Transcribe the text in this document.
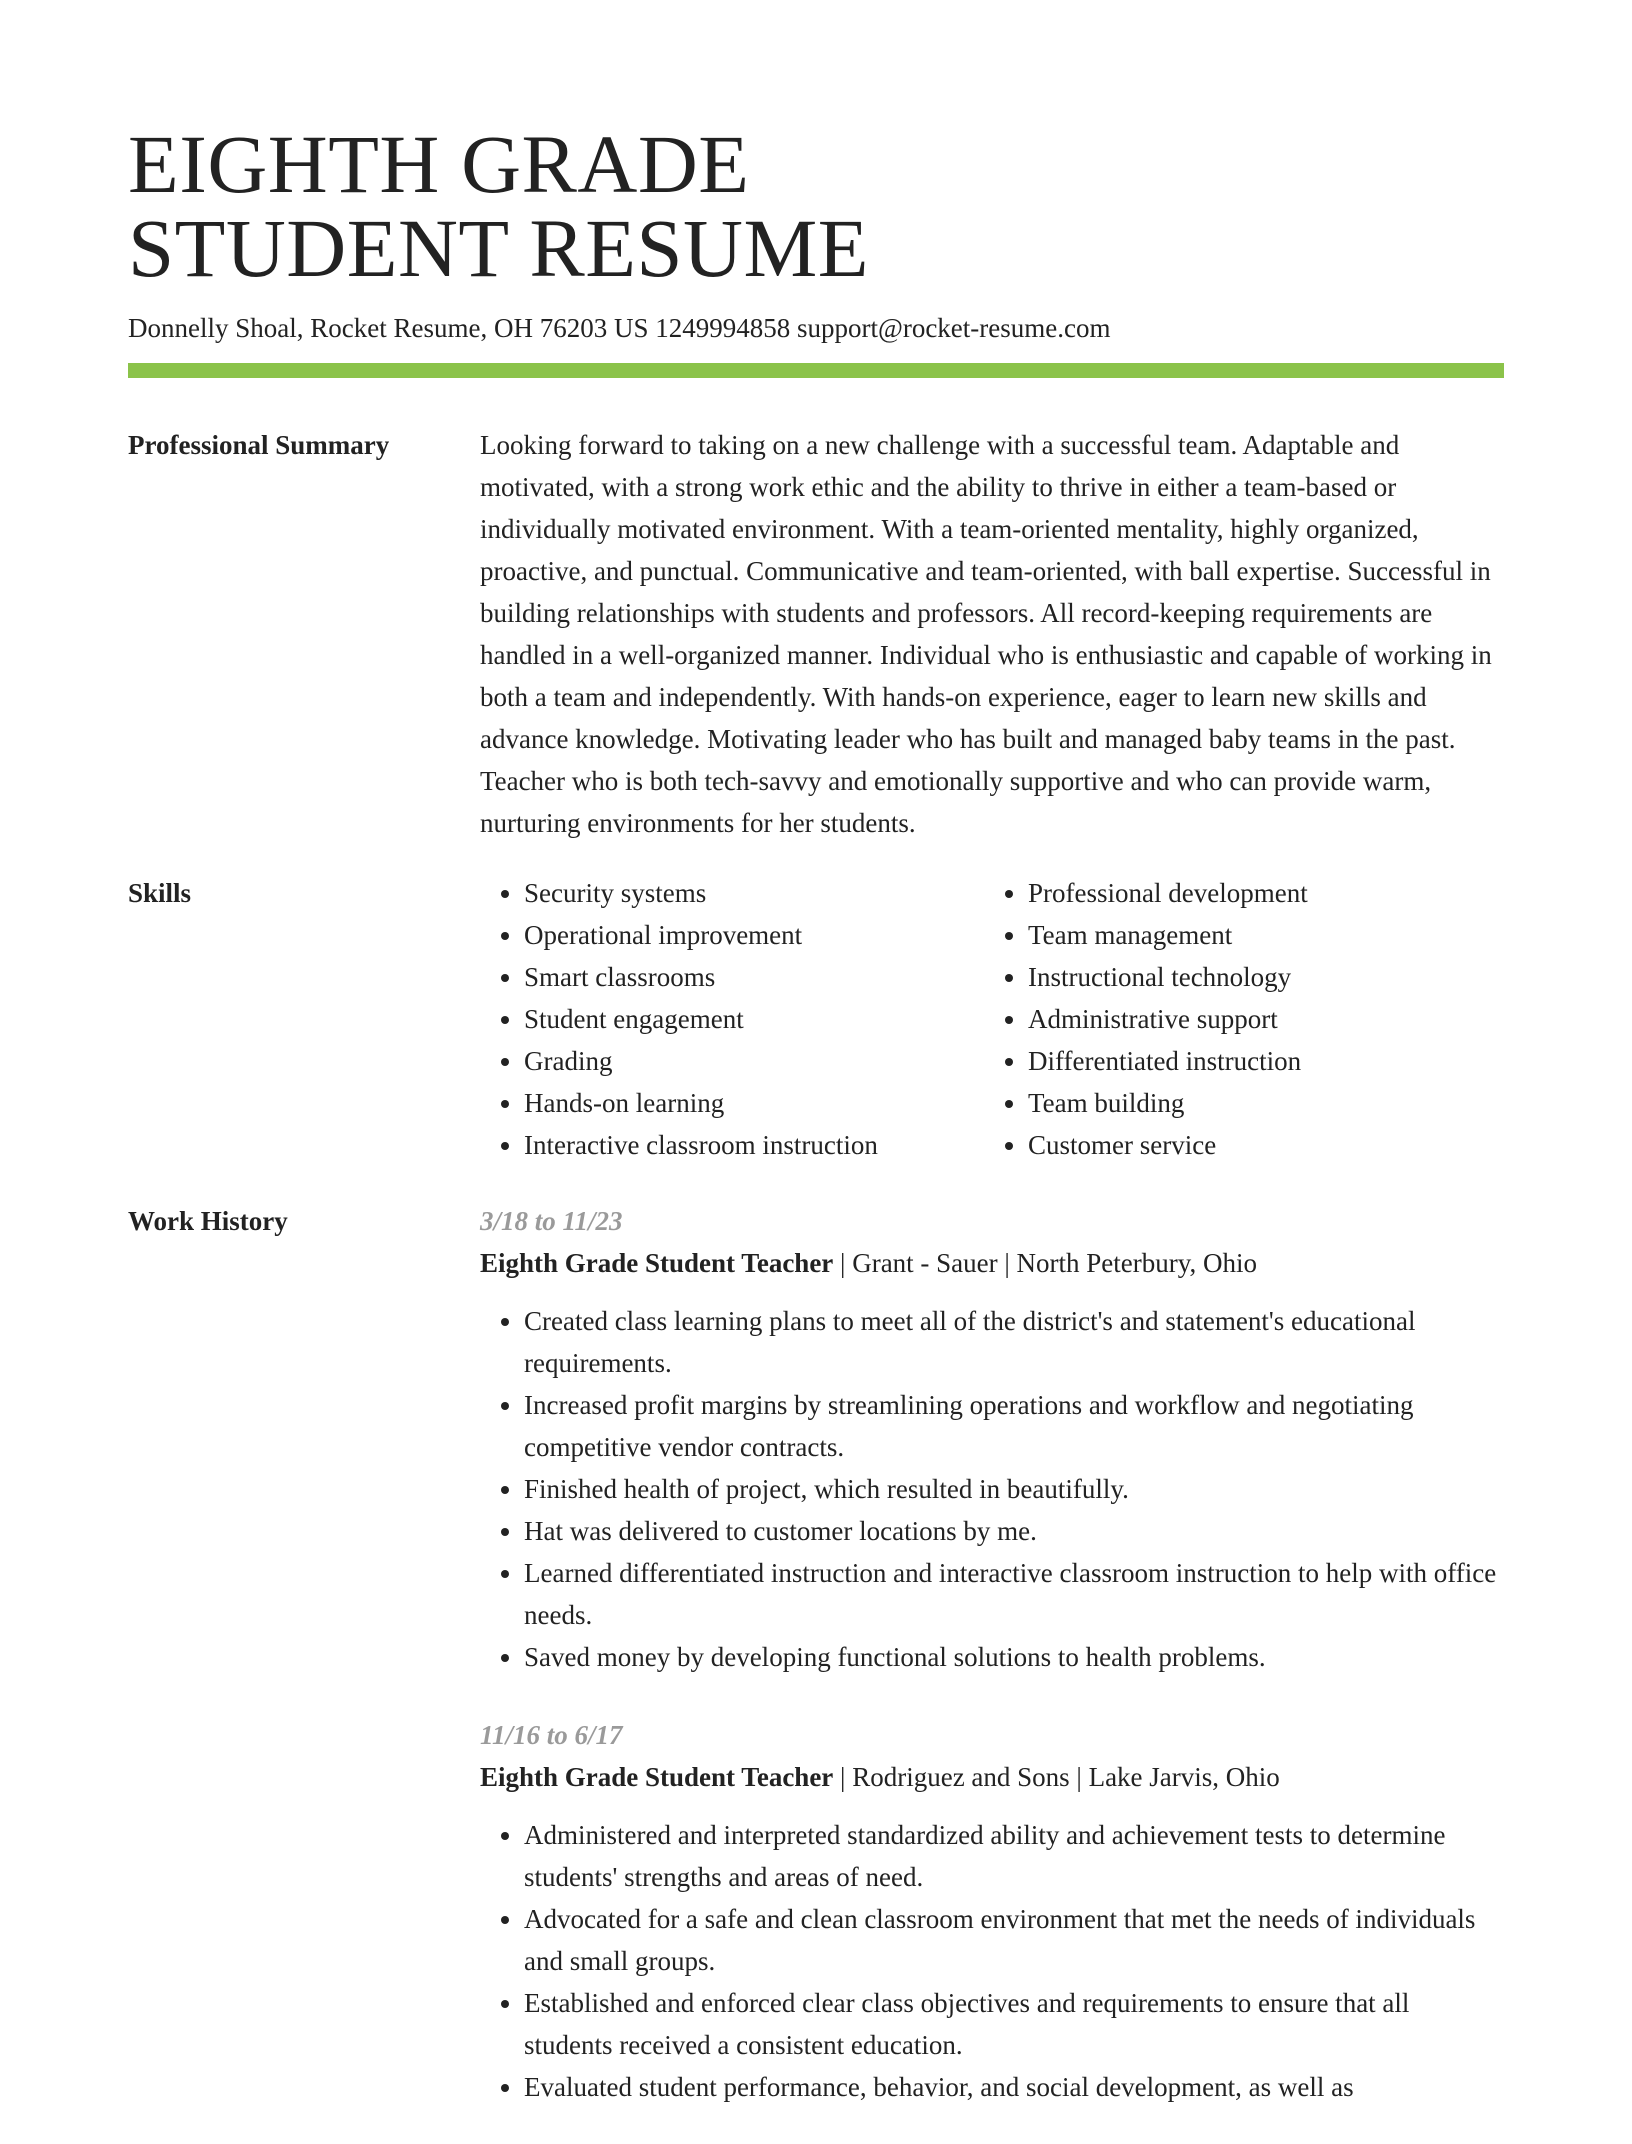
EIGHTH GRADE
STUDENT RESUME
Donnelly Shoal, Rocket Resume, OH 76203 US 1249994858 support@rocket-resume.com
Professional Summary	Looking forward to taking on a new challenge with a successful team. Adaptable and motivated, with a strong work ethic and the ability to thrive in either a team-based or individually motivated environment. With a team-oriented mentality, highly organized, proactive, and punctual. Communicative and team-oriented, with ball expertise. Successful in building relationships with students and professors. All record-keeping requirements are handled in a well-organized manner. Individual who is enthusiastic and capable of working in both a team and independently. With hands-on experience, eager to learn new skills and advance knowledge. Motivating leader who has built and managed baby teams in the past. Teacher who is both tech-savvy and emotionally supportive and who can provide warm, nurturing environments for her students.

Skills
•	Security systems
• Operational improvement
• Smart classrooms
• Student engagement
• Grading
• Hands-on learning
• Interactive classroom instruction
• Professional development
• Team management
• Instructional technology
• Administrative support
• Differentiated instruction
• Team building
• Customer service
Work History	3/18 to 11/23
Eighth Grade Student Teacher | Grant - Sauer | North Peterbury, Ohio
• Created class learning plans to meet all of the district's and statement's educational requirements.
• Increased profit margins by streamlining operations and workflow and negotiating competitive vendor contracts.
• Finished health of project, which resulted in beautifully.
• Hat was delivered to customer locations by me.
• Learned differentiated instruction and interactive classroom instruction to help with office needs.
• Saved money by developing functional solutions to health problems.
11/16 to 6/17
Eighth Grade Student Teacher | Rodriguez and Sons | Lake Jarvis, Ohio
• Administered and interpreted standardized ability and achievement tests to determine students' strengths and areas of need.
• Advocated for a safe and clean classroom environment that met the needs of individuals and small groups.
• Established and enforced clear class objectives and requirements to ensure that all students received a consistent education.
• Evaluated student performance, behavior, and social development, as well as
